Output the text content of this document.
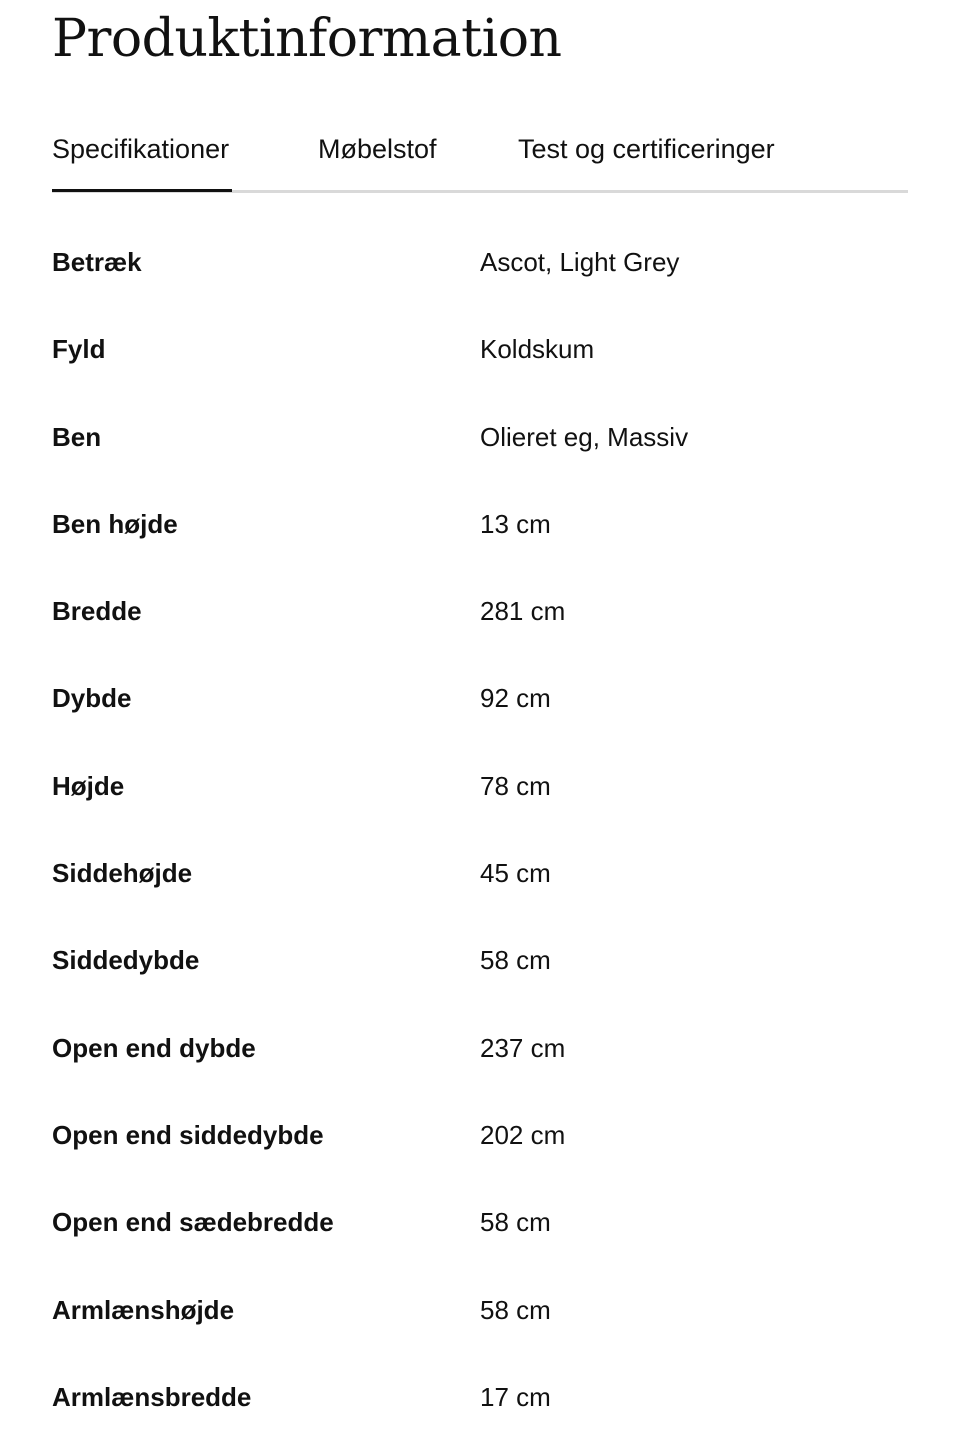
Produktinformation
Specifikationer	Møbelstof	Test og certificeringer
Betræk	Ascot, Light Grey
Fyld	Koldskum
Ben	Olieret eg, Massiv
Ben højde	13 cm
Bredde	281 cm
Dybde	92 cm
Højde	78 cm
Siddehøjde	45 cm
Siddedybde	58 cm
Open end dybde	237 cm
Open end siddedybde	202 cm
Open end sædebredde	58 cm
Armlænshøjde	58 cm
Armlænsbredde	17 cm
